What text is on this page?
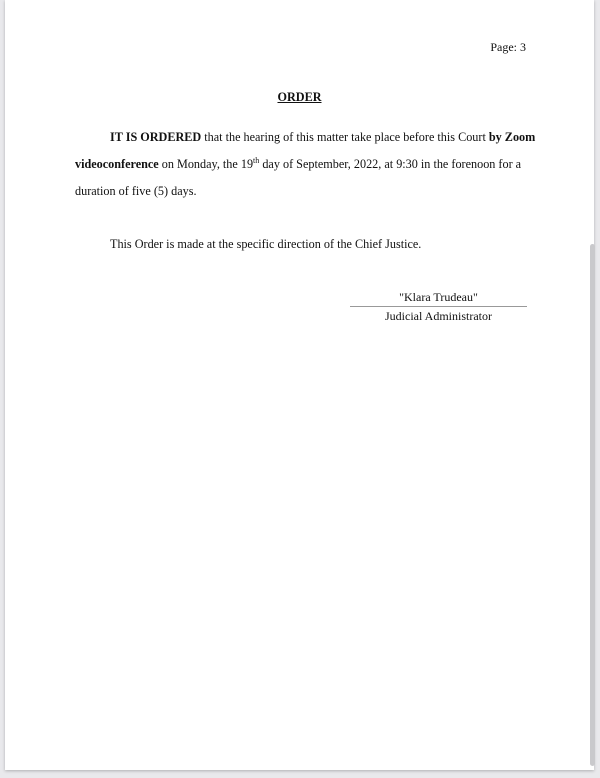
Page: 3
ORDER
IT IS ORDERED that the hearing of this matter take place before this Court by Zoom
videoconference on Monday, the 19th day of September, 2022, at 9:30 in the forenoon for a
duration of five (5) days.
This Order is made at the specific direction of the Chief Justice.
"Klara Trudeau"
Judicial Administrator
